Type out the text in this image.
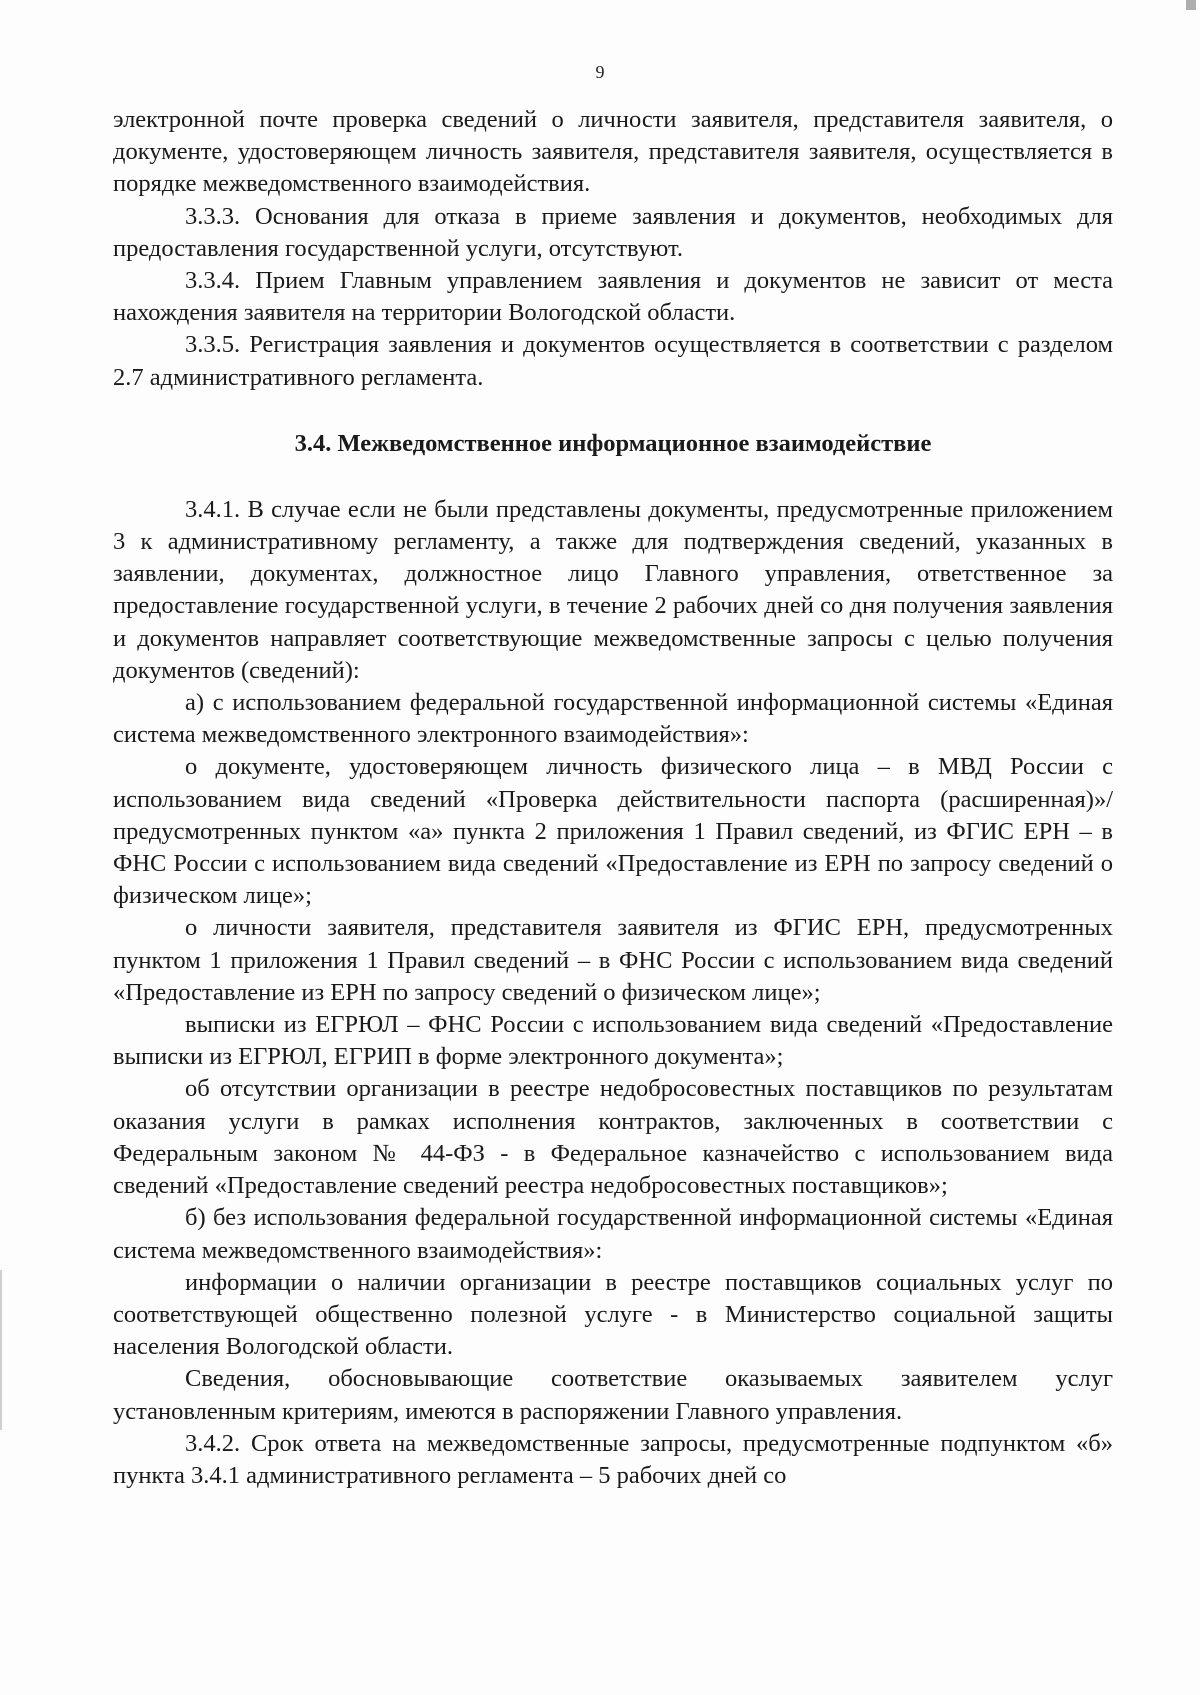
9

электронной почте проверка сведений о личности заявителя, представителя заявителя, о документе, удостоверяющем личность заявителя, представителя заявителя, осуществляется в порядке межведомственного взаимодействия.

3.3.3. Основания для отказа в приеме заявления и документов, необходимых для предоставления государственной услуги, отсутствуют.

3.3.4. Прием Главным управлением заявления и документов не зависит от места нахождения заявителя на территории Вологодской области.

3.3.5. Регистрация заявления и документов осуществляется в соответствии с разделом 2.7 административного регламента.

3.4. Межведомственное информационное взаимодействие

3.4.1. В случае если не были представлены документы, предусмотренные приложением 3 к административному регламенту, а также для подтверждения сведений, указанных в заявлении, документах, должностное лицо Главного управления, ответственное за предоставление государственной услуги, в течение 2 рабочих дней со дня получения заявления и документов направляет соответствующие межведомственные запросы с целью получения документов (сведений):

а) с использованием федеральной государственной информационной системы «Единая система межведомственного электронного взаимодействия»:

о документе, удостоверяющем личность физического лица – в МВД России с использованием вида сведений «Проверка действительности паспорта (расширенная)»/предусмотренных пунктом «а» пункта 2 приложения 1 Правил сведений, из ФГИС ЕРН – в ФНС России с использованием вида сведений «Предоставление из ЕРН по запросу сведений о физическом лице»;

о личности заявителя, представителя заявителя из ФГИС ЕРН, предусмотренных пунктом 1 приложения 1 Правил сведений – в ФНС России с использованием вида сведений «Предоставление из ЕРН по запросу сведений о физическом лице»;

выписки из ЕГРЮЛ – ФНС России с использованием вида сведений «Предоставление выписки из ЕГРЮЛ, ЕГРИП в форме электронного документа»;

об отсутствии организации в реестре недобросовестных поставщиков по результатам оказания услуги в рамках исполнения контрактов, заключенных в соответствии с Федеральным законом № 44-ФЗ - в Федеральное казначейство с использованием вида сведений «Предоставление сведений реестра недобросовестных поставщиков»;

б) без использования федеральной государственной информационной системы «Единая система межведомственного взаимодействия»:

информации о наличии организации в реестре поставщиков социальных услуг по соответствующей общественно полезной услуге - в Министерство социальной защиты населения Вологодской области.

Сведения, обосновывающие соответствие оказываемых заявителем услуг установленным критериям, имеются в распоряжении Главного управления.

3.4.2. Срок ответа на межведомственные запросы, предусмотренные подпунктом «б» пункта 3.4.1 административного регламента – 5 рабочих дней со
